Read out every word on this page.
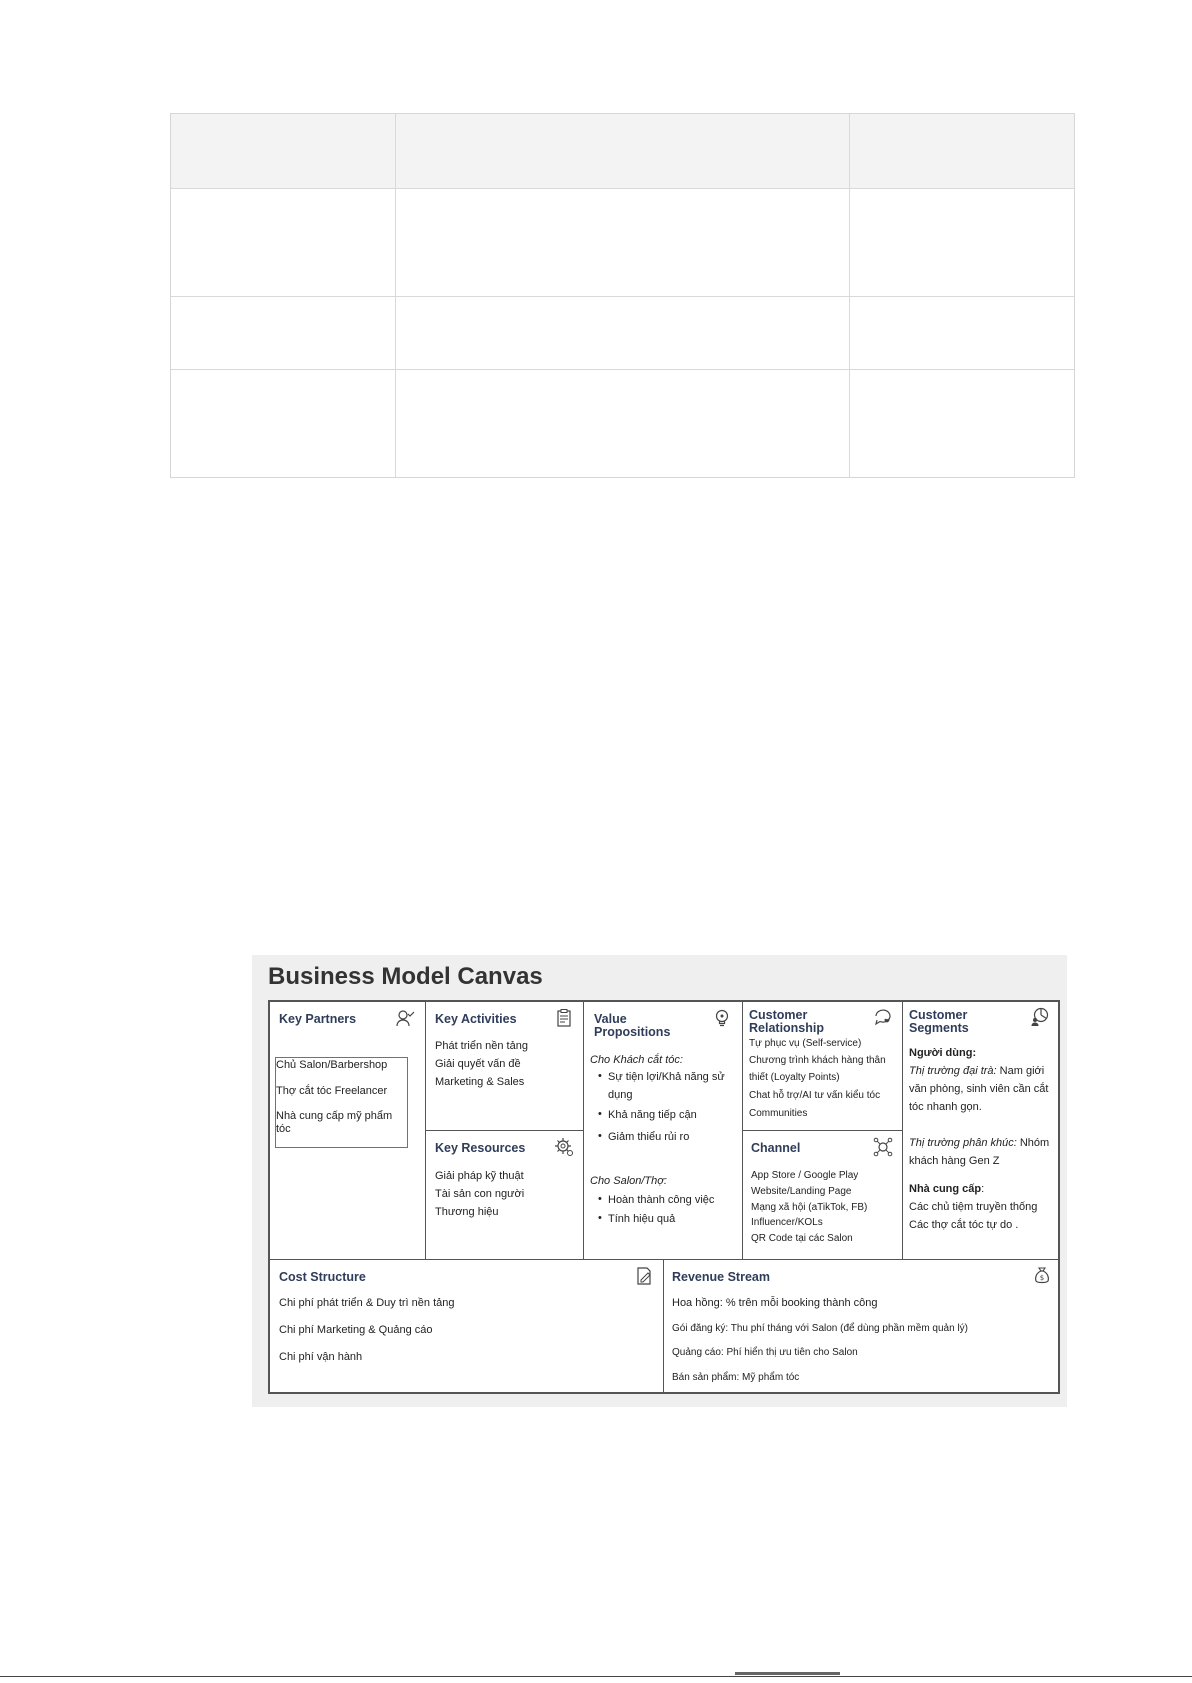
Business Model Canvas
Key Partners
Chủ Salon/Barbershop
Thợ cắt tóc Freelancer
Nhà cung cấp mỹ phẩm
tóc
Key Activities
Phát triển nền tảng
Giải quyết vấn đề
Marketing & Sales
Key Resources
Giải pháp kỹ thuật
Tài sản con người
Thương hiệu
Value
Propositions
Cho Khách cắt tóc:
• Sự tiện lợi/Khả năng sử
dụng
• Khả năng tiếp cận
• Giảm thiểu rủi ro
Cho Salon/Thợ:
• Hoàn thành công việc
• Tính hiệu quả
Customer
Relationship
Tự phục vụ (Self-service)
Chương trình khách hàng thân
thiết (Loyalty Points)
Chat hỗ trợ/AI tư vấn kiểu tóc
Communities
Channel
App Store / Google Play
Website/Landing Page
Mạng xã hội (aTikTok, FB)
Influencer/KOLs
QR Code tại các Salon
Customer
Segments
Người dùng:
Thị trường đại trà: Nam giới
văn phòng, sinh viên cần cắt
tóc nhanh gọn.
Thị trường phân khúc: Nhóm
khách hàng Gen Z
Nhà cung cấp:
Các chủ tiệm truyền thống
Các thợ cắt tóc tự do .
Cost Structure
Chi phí phát triển & Duy trì nền tảng
Chi phí Marketing & Quảng cáo
Chi phí vận hành
Revenue Stream	$
Hoa hồng: % trên mỗi booking thành công
Gói đăng ký: Thu phí tháng với Salon (để dùng phần mềm quản lý)
Quảng cáo: Phí hiển thị ưu tiên cho Salon
Bán sản phẩm: Mỹ phẩm tóc
